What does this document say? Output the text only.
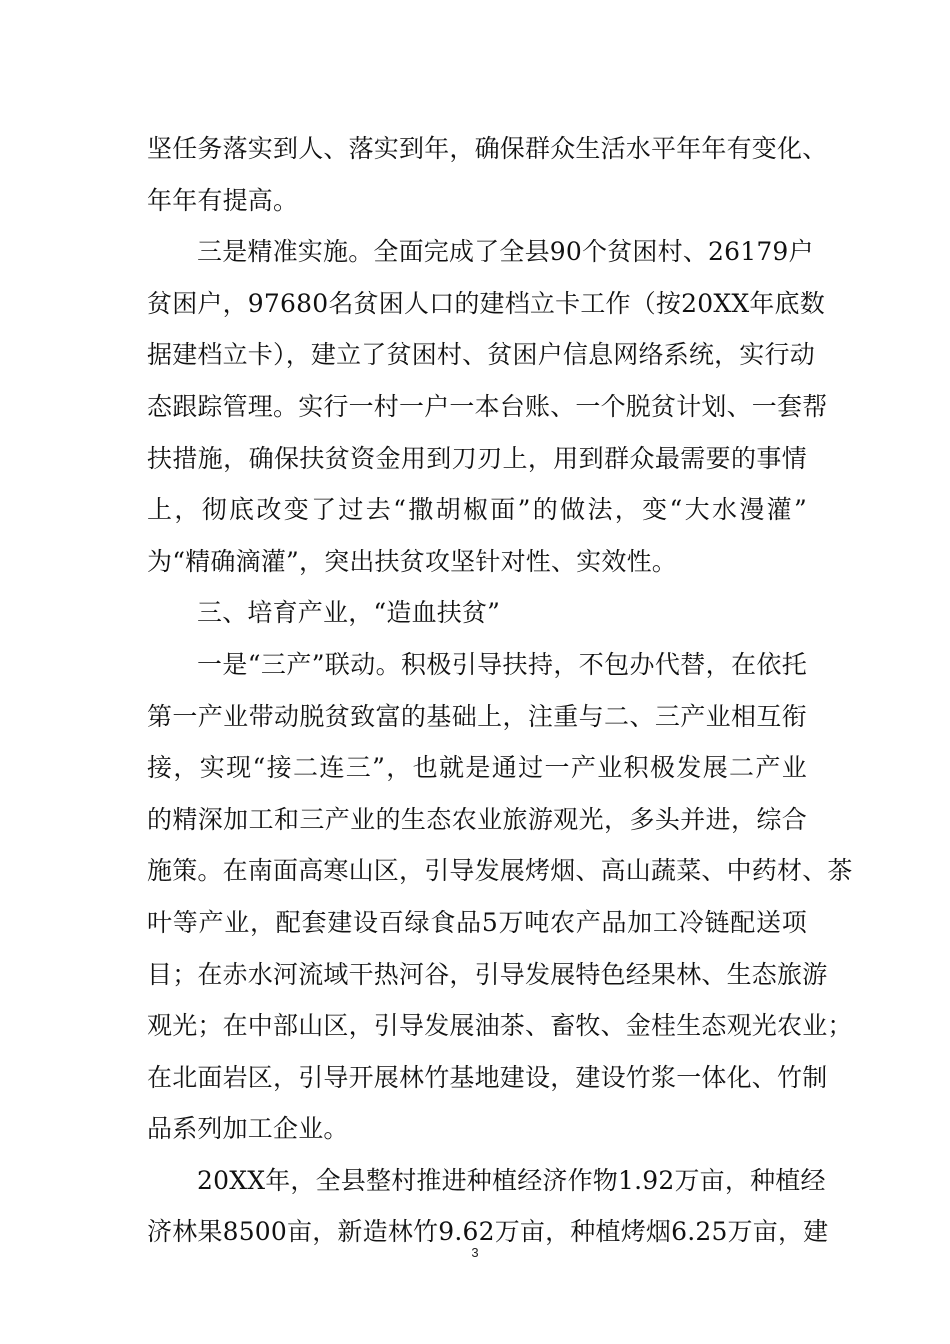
坚任务落实到人、落实到年，确保群众生活水平年年有变化、
年年有提高。
三是精准实施。全面完成了全县90个贫困村、26179户
贫困户，97680名贫困人口的建档立卡工作（按20XX年底数
据建档立卡），建立了贫困村、贫困户信息网络系统，实行动
态跟踪管理。实行一村一户一本台账、一个脱贫计划、一套帮
扶措施，确保扶贫资金用到刀刃上，用到群众最需要的事情
上，彻底改变了过去“撒胡椒面”的做法，变“大水漫灌”
为“精确滴灌”，突出扶贫攻坚针对性、实效性。
三、培育产业，“造血扶贫”
一是“三产”联动。积极引导扶持，不包办代替，在依托
第一产业带动脱贫致富的基础上，注重与二、三产业相互衔
接，实现“接二连三”，也就是通过一产业积极发展二产业
的精深加工和三产业的生态农业旅游观光，多头并进，综合
施策。在南面高寒山区，引导发展烤烟、高山蔬菜、中药材、茶
叶等产业，配套建设百绿食品5万吨农产品加工冷链配送项
目；在赤水河流域干热河谷，引导发展特色经果林、生态旅游
观光；在中部山区，引导发展油茶、畜牧、金桂生态观光农业；
在北面岩区，引导开展林竹基地建设，建设竹浆一体化、竹制
品系列加工企业。
20XX年，全县整村推进种植经济作物1.92万亩，种植经
济林果8500亩，新造林竹9.62万亩，种植烤烟6.25万亩，建
3
